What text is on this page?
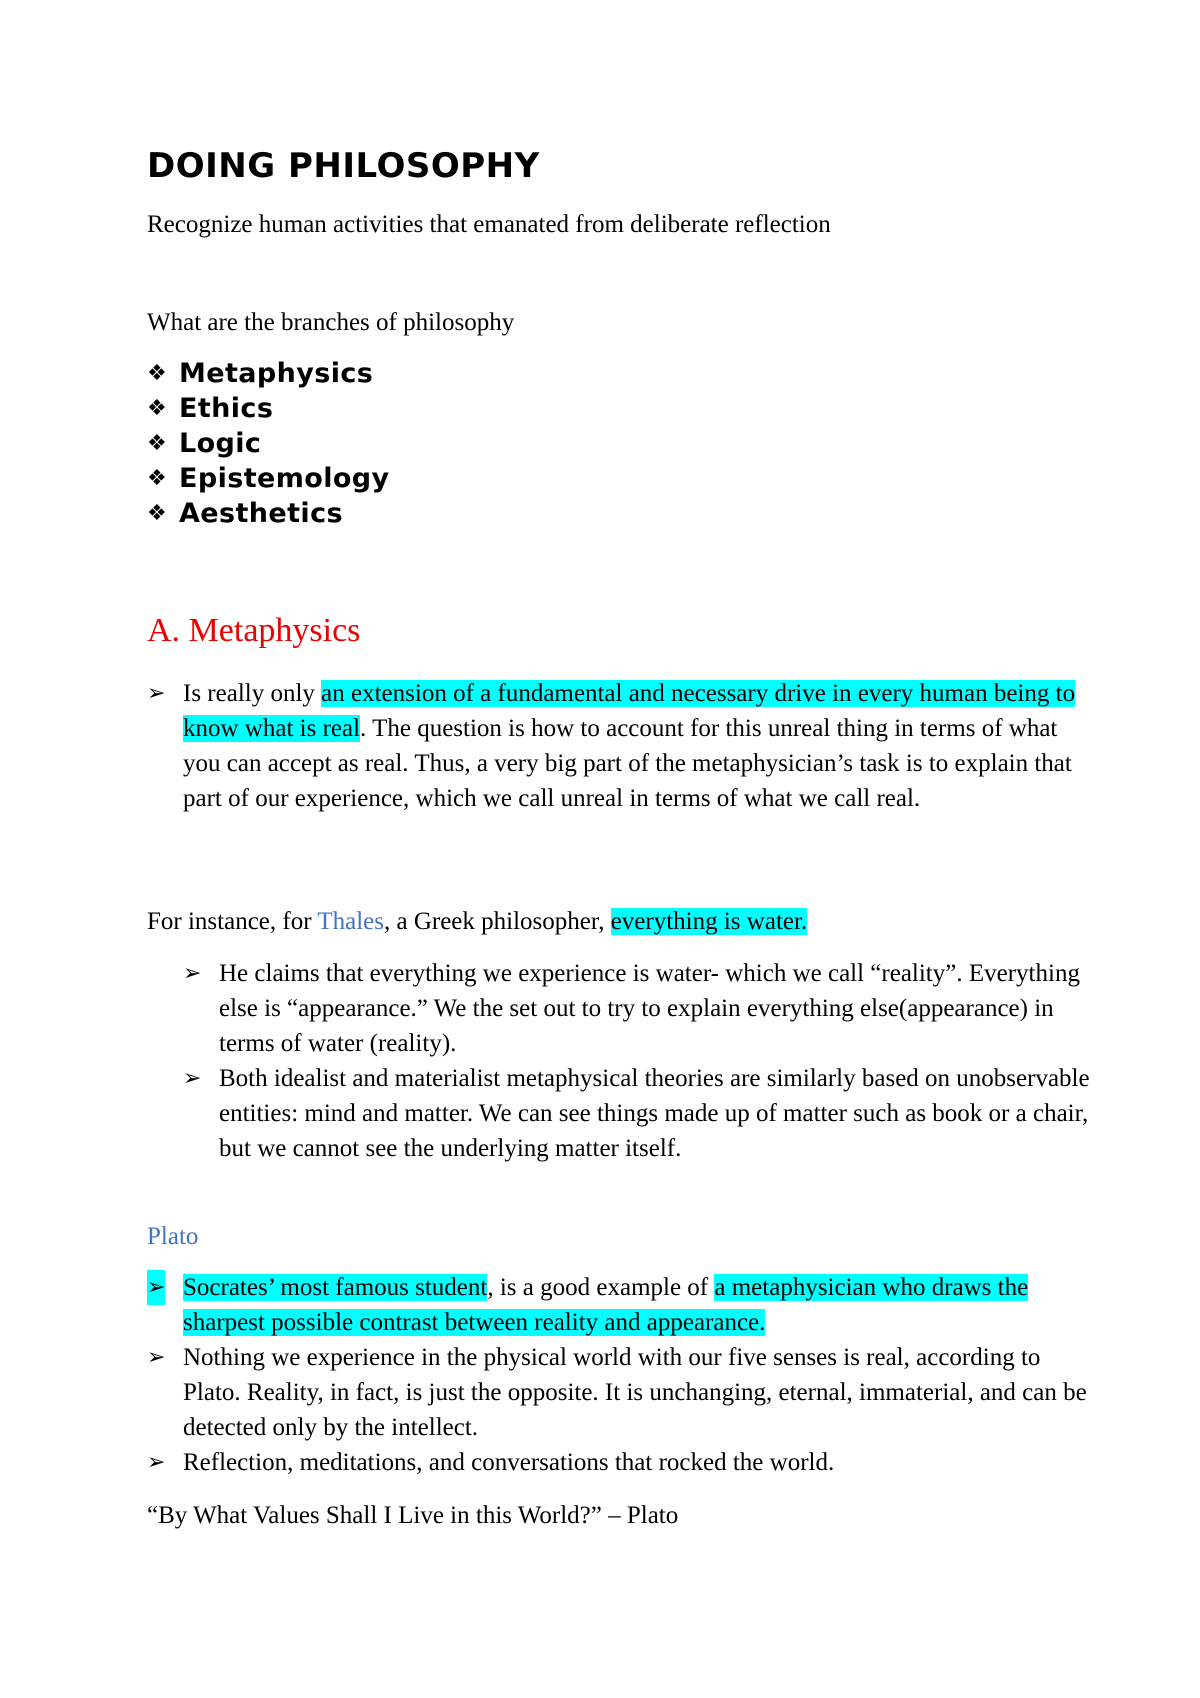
DOING PHILOSOPHY
Recognize human activities that emanated from deliberate reflection
What are the branches of philosophy
❖ Metaphysics
❖ Ethics
❖ Logic
❖ Epistemology
❖ Aesthetics
A. Metaphysics
➢ Is really only an extension of a fundamental and necessary drive in every human being to know what is real. The question is how to account for this unreal thing in terms of what you can accept as real. Thus, a very big part of the metaphysician’s task is to explain that part of our experience, which we call unreal in terms of what we call real.
For instance, for Thales, a Greek philosopher, everything is water.
➢ He claims that everything we experience is water- which we call “reality”. Everything else is “appearance.” We the set out to try to explain everything else(appearance) in terms of water (reality).
➢ Both idealist and materialist metaphysical theories are similarly based on unobservable entities: mind and matter. We can see things made up of matter such as book or a chair, but we cannot see the underlying matter itself.
Plato
➢ Socrates’ most famous student, is a good example of a metaphysician who draws the sharpest possible contrast between reality and appearance.
➢ Nothing we experience in the physical world with our five senses is real, according to Plato. Reality, in fact, is just the opposite. It is unchanging, eternal, immaterial, and can be detected only by the intellect.
➢ Reflection, meditations, and conversations that rocked the world.
“By What Values Shall I Live in this World?” – Plato
